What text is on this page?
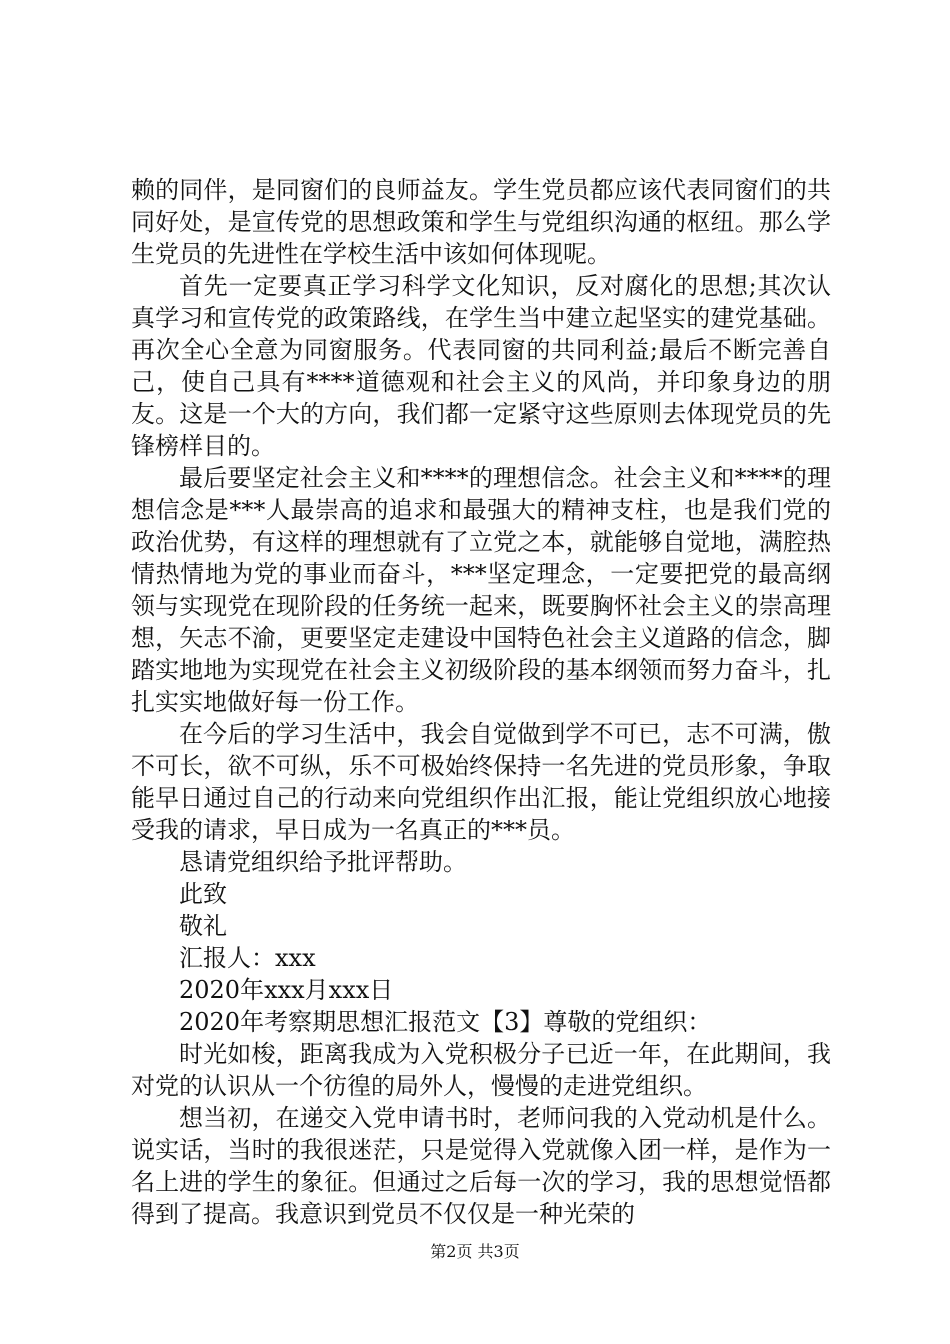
赖的同伴，是同窗们的良师益友。学生党员都应该代表同窗们的共同好处，是宣传党的思想政策和学生与党组织沟通的枢纽。那么学生党员的先进性在学校生活中该如何体现呢。

首先一定要真正学习科学文化知识，反对腐化的思想;其次认真学习和宣传党的政策路线，在学生当中建立起坚实的建党基础。再次全心全意为同窗服务。代表同窗的共同利益;最后不断完善自己，使自己具有****道德观和社会主义的风尚，并印象身边的朋友。这是一个大的方向，我们都一定紧守这些原则去体现党员的先锋榜样目的。

最后要坚定社会主义和****的理想信念。社会主义和****的理想信念是***人最崇高的追求和最强大的精神支柱，也是我们党的政治优势，有这样的理想就有了立党之本，就能够自觉地，满腔热情热情地为党的事业而奋斗，***坚定理念，一定要把党的最高纲领与实现党在现阶段的任务统一起来，既要胸怀社会主义的崇高理想，矢志不渝，更要坚定走建设中国特色社会主义道路的信念，脚踏实地地为实现党在社会主义初级阶段的基本纲领而努力奋斗，扎扎实实地做好每一份工作。

在今后的学习生活中，我会自觉做到学不可已，志不可满，傲不可长，欲不可纵，乐不可极始终保持一名先进的党员形象，争取能早日通过自己的行动来向党组织作出汇报，能让党组织放心地接受我的请求，早日成为一名真正的***员。

恳请党组织给予批评帮助。

此致

敬礼

汇报人：xxx

2020年xxx月xxx日

2020年考察期思想汇报范文【3】尊敬的党组织：

时光如梭，距离我成为入党积极分子已近一年，在此期间，我对党的认识从一个彷徨的局外人，慢慢的走进党组织。

想当初，在递交入党申请书时，老师问我的入党动机是什么。说实话，当时的我很迷茫，只是觉得入党就像入团一样，是作为一名上进的学生的象征。但通过之后每一次的学习，我的思想觉悟都得到了提高。我意识到党员不仅仅是一种光荣的

第2页 共3页
